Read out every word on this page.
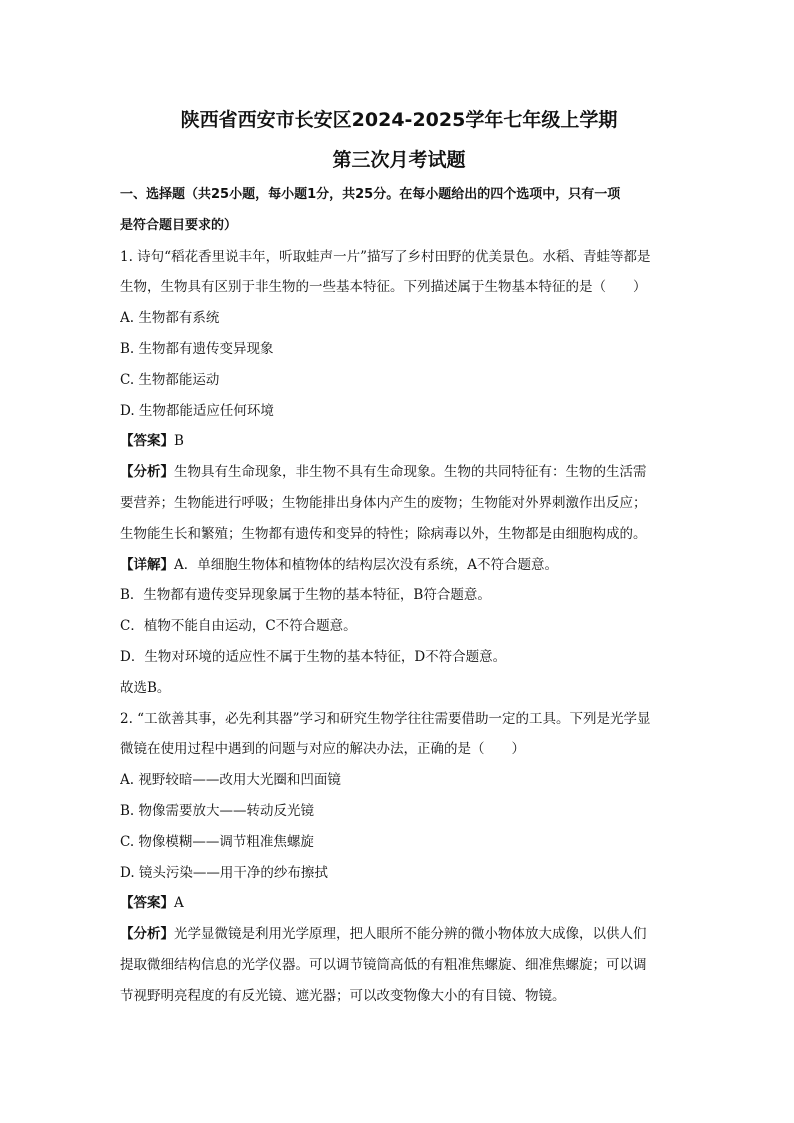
陕西省西安市长安区2024-2025学年七年级上学期
第三次月考试题
一、选择题（共25小题，每小题1分，共25分。在每小题给出的四个选项中，只有一项
是符合题目要求的）
1. 诗句“稻花香里说丰年，听取蛙声一片”描写了乡村田野的优美景色。水稻、青蛙等都是
生物，生物具有区别于非生物的一些基本特征。下列描述属于生物基本特征的是（　　）
A. 生物都有系统
B. 生物都有遗传变异现象
C. 生物都能运动
D. 生物都能适应任何环境
【答案】B
【分析】生物具有生命现象，非生物不具有生命现象。生物的共同特征有：生物的生活需
要营养；生物能进行呼吸；生物能排出身体内产生的废物；生物能对外界刺激作出反应；
生物能生长和繁殖；生物都有遗传和变异的特性；除病毒以外，生物都是由细胞构成的。
【详解】A．单细胞生物体和植物体的结构层次没有系统，A不符合题意。
B．生物都有遗传变异现象属于生物的基本特征，B符合题意。
C．植物不能自由运动，C不符合题意。
D．生物对环境的适应性不属于生物的基本特征，D不符合题意。
故选B。
2. “工欲善其事，必先利其器”学习和研究生物学往往需要借助一定的工具。下列是光学显
微镜在使用过程中遇到的问题与对应的解决办法，正确的是（　　）
A. 视野较暗——改用大光圈和凹面镜
B. 物像需要放大——转动反光镜
C. 物像模糊——调节粗准焦螺旋
D. 镜头污染——用干净的纱布擦拭
【答案】A
【分析】光学显微镜是利用光学原理，把人眼所不能分辨的微小物体放大成像，以供人们
提取微细结构信息的光学仪器。可以调节镜筒高低的有粗准焦螺旋、细准焦螺旋；可以调
节视野明亮程度的有反光镜、遮光器；可以改变物像大小的有目镜、物镜。
